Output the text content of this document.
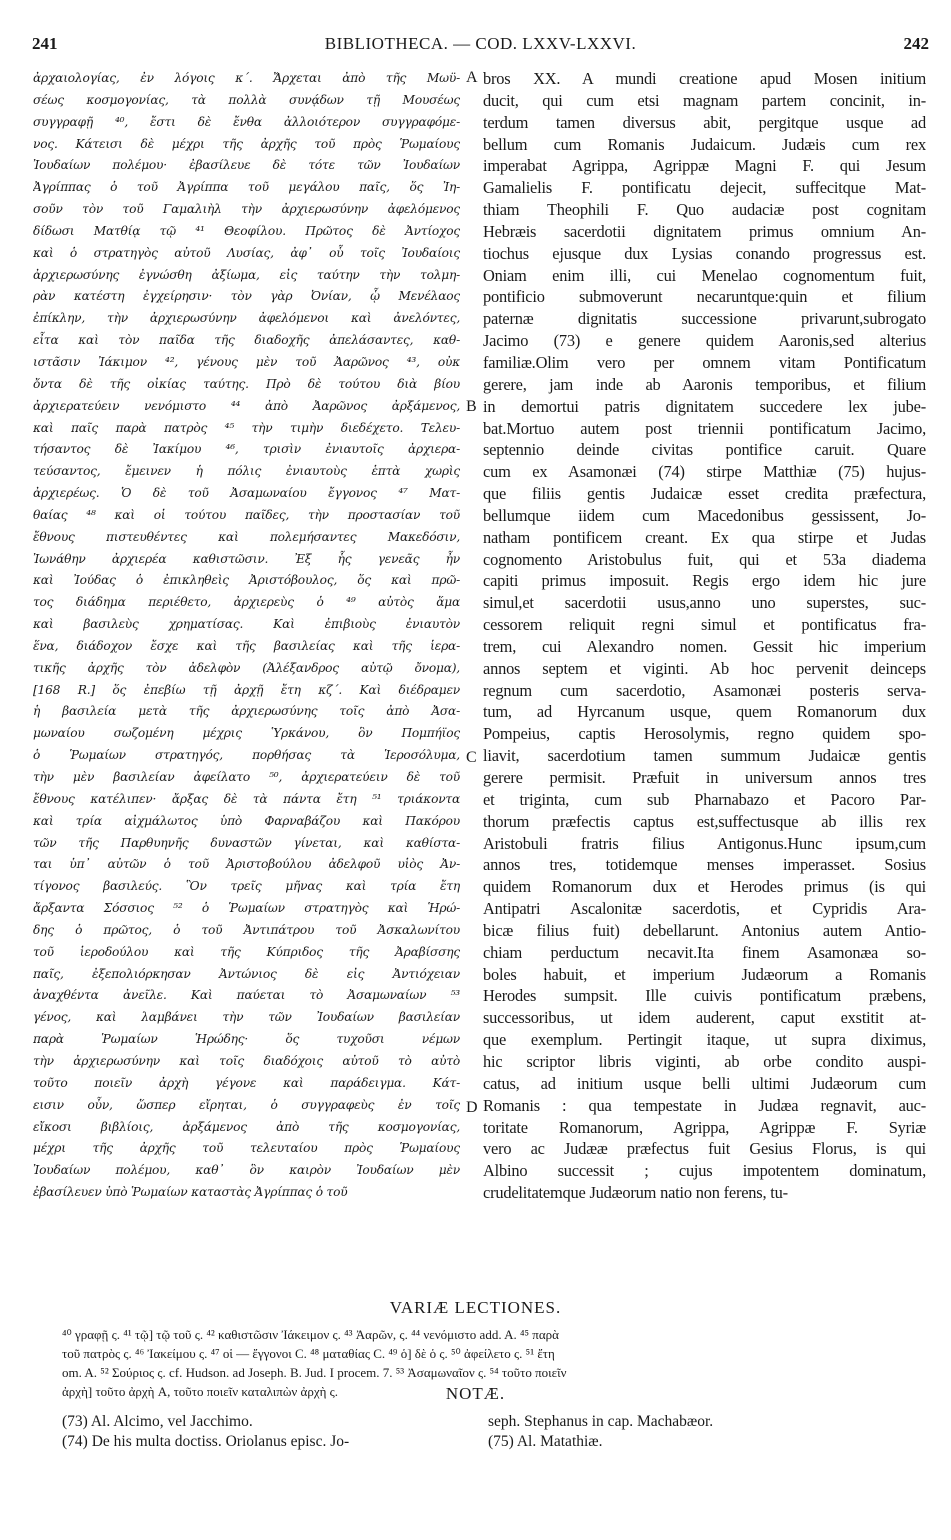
241	BIBLIOTHECA. — COD. LXXV-LXXVI.	242
ἀρχαιολογίας, ἐν λόγοις κ΄. Ἄρχεται ἀπὸ τῆς Μωϋ-
σέως κοσμογονίας, τὰ πολλὰ συνᾴδων τῇ Μουσέως
συγγραφῇ ⁴⁰, ἔστι δὲ ἔνθα ἀλλοιότερον συγγραφόμε-
νος. Κάτεισι δὲ μέχρι τῆς ἀρχῆς τοῦ πρὸς Ῥωμαίους
Ἰουδαίων πολέμου· ἐβασίλευε δὲ τότε τῶν Ἰουδαίων
Ἀγρίππας ὁ τοῦ Ἀγρίππα τοῦ μεγάλου παῖς, ὅς Ἰη-
σοῦν τὸν τοῦ Γαμαλιὴλ τὴν ἀρχιερωσύνην ἀφελόμενος
δίδωσι Ματθίᾳ τῷ ⁴¹ Θεοφίλου. Πρῶτος δὲ Ἀντίοχος
καὶ ὁ στρατηγὸς αὐτοῦ Λυσίας, ἀφ᾽ οὗ τοῖς Ἰουδαίοις
ἀρχιερωσύνης ἐγνώσθη ἀξίωμα, εἰς ταύτην τὴν τολμη-
ρὰν κατέστη ἐγχείρησιν· τὸν γὰρ Ὀνίαν, ᾧ Μενέλαος
ἐπίκλην, τὴν ἀρχιερωσύνην ἀφελόμενοι καὶ ἀνελόντες,
εἶτα καὶ τὸν παῖδα τῆς διαδοχῆς ἀπελάσαντες, καθ-
ιστᾶσιν Ἰάκιμον ⁴², γένους μὲν τοῦ Ἀαρῶνος ⁴³, οὐκ
ὄντα δὲ τῆς οἰκίας ταύτης. Πρὸ δὲ τούτου διὰ βίου
ἀρχιερατεύειν νενόμιστο ⁴⁴ ἀπὸ Ἀαρῶνος ἀρξάμενος,
καὶ παῖς παρὰ πατρὸς ⁴⁵ τὴν τιμὴν διεδέχετο. Τελευ-
τήσαντος δὲ Ἰακίμου ⁴⁶, τρισὶν ἐνιαυτοῖς ἀρχιερα-
τεύσαντος, ἔμεινεν ἡ πόλις ἐνιαυτοὺς ἑπτὰ χωρὶς
ἀρχιερέως. Ὁ δὲ τοῦ Ἀσαμωναίου ἔγγονος ⁴⁷ Ματ-
θαίας ⁴⁸ καὶ οἱ τούτου παῖδες, τὴν προστασίαν τοῦ
ἔθνους πιστευθέντες καὶ πολεμήσαντες Μακεδόσιν,
Ἰωνάθην ἀρχιερέα καθιστῶσιν. Ἐξ ἧς γενεᾶς ἦν
καὶ Ἰούδας ὁ ἐπικληθεὶς Ἀριστόβουλος, ὅς καὶ πρῶ-
τος διάδημα περιέθετο, ἀρχιερεὺς ὁ ⁴⁹ αὐτὸς ἅμα
καὶ βασιλεὺς χρηματίσας. Καὶ ἐπιβιοὺς ἐνιαυτὸν
ἕνα, διάδοχον ἔσχε καὶ τῆς βασιλείας καὶ τῆς ἱερα-
τικῆς ἀρχῆς τὸν ἀδελφὸν (Ἀλέξανδρος αὐτῷ ὄνομα),
[168 R.] ὅς ἐπεβίω τῇ ἀρχῇ ἔτη κζ΄. Καὶ διέδραμεν
ἡ βασιλεία μετὰ τῆς ἀρχιερωσύνης τοῖς ἀπὸ Ἀσα-
μωναίου σωζομένη μέχρις Ὑρκάνου, ὃν Πομπήϊος
ὁ Ῥωμαίων στρατηγός, πορθήσας τὰ Ἱεροσόλυμα,
τὴν μὲν βασιλείαν ἀφείλατο ⁵⁰, ἀρχιερατεύειν δὲ τοῦ
ἔθνους κατέλιπεν· ἄρξας δὲ τὰ πάντα ἔτη ⁵¹ τριάκοντα
καὶ τρία αἰχμάλωτος ὑπὸ Φαρναβάζου καὶ Πακόρου
τῶν τῆς Παρθυηνῆς δυναστῶν γίνεται, καὶ καθίστα-
ται ὑπ᾽ αὐτῶν ὁ τοῦ Ἀριστοβούλου ἀδελφοῦ υἱὸς Ἀν-
τίγονος βασιλεύς. Ὃν τρεῖς μῆνας καὶ τρία ἔτη
ἄρξαντα Σόσσιος ⁵² ὁ Ῥωμαίων στρατηγὸς καὶ Ἡρώ-
δης ὁ πρῶτος, ὁ τοῦ Ἀντιπάτρου τοῦ Ἀσκαλωνίτου
τοῦ ἱεροδούλου καὶ τῆς Κύπριδος τῆς Ἀραβίσσης
παῖς, ἐξεπολιόρκησαν Ἀντώνιος δὲ εἰς Ἀντιόχειαν
ἀναχθέντα ἀνεῖλε. Καὶ παύεται τὸ Ἀσαμωναίων ⁵³
γένος, καὶ λαμβάνει τὴν τῶν Ἰουδαίων βασιλείαν
παρὰ Ῥωμαίων Ἡρώδης· ὅς τυχοῦσι νέμων
τὴν ἀρχιερωσύνην καὶ τοῖς διαδόχοις αὐτοῦ τὸ αὐτὸ
τοῦτο ποιεῖν ἀρχὴ γέγονε καὶ παράδειγμα. Κάτ-
εισιν οὖν, ὥσπερ εἴρηται, ὁ συγγραφεὺς ἐν τοῖς
εἴκοσι βιβλίοις, ἀρξάμενος ἀπὸ τῆς κοσμογονίας,
μέχρι τῆς ἀρχῆς τοῦ τελευταίου πρὸς Ῥωμαίους
Ἰουδαίων πολέμου, καθ᾽ ὃν καιρὸν Ἰουδαίων μὲν
ἐβασίλευεν ὑπὸ Ῥωμαίων καταστὰς Ἀγρίππας ὁ τοῦ
bros XX. A mundi creatione apud Mosen initium
ducit, qui cum etsi magnam partem concinit, in-
terdum tamen diversus abit, pergitque usque ad
bellum cum Romanis Judaicum. Judæis cum rex
imperabat Agrippa, Agrippæ Magni F. qui Jesum
Gamalielis F. pontificatu dejecit, suffecitque Mat-
thiam Theophili F. Quo audaciæ post cognitam
Hebræis sacerdotii dignitatem primus omnium An-
tiochus ejusque dux Lysias conando progressus est.
Oniam enim illi, cui Menelao cognomentum fuit,
pontificio submoverunt necaruntque:quin et filium
paternæ dignitatis successione privarunt,subrogato
Jacimo (73) e genere quidem Aaronis,sed alterius
familiæ.Olim vero per omnem vitam Pontificatum
gerere, jam inde ab Aaronis temporibus, et filium
in demortui patris dignitatem succedere lex jube-
bat.Mortuo autem post triennii pontificatum Jacimo,
septennio deinde civitas pontifice caruit. Quare
cum ex Asamonæi (74) stirpe Matthiæ (75) hujus-
que filiis gentis Judaicæ esset credita præfectura,
bellumque iidem cum Macedonibus gessissent, Jo-
natham pontificem creant. Ex qua stirpe et Judas
cognomento Aristobulus fuit, qui et 53a diadema
capiti primus imposuit. Regis ergo idem hic jure
simul,et sacerdotii usus,anno uno superstes, suc-
cessorem reliquit regni simul et pontificatus fra-
trem, cui Alexandro nomen. Gessit hic imperium
annos septem et viginti. Ab hoc pervenit deinceps
regnum cum sacerdotio, Asamonæi posteris serva-
tum, ad Hyrcanum usque, quem Romanorum dux
Pompeius, captis Herosolymis, regno quidem spo-
liavit, sacerdotium tamen summum Judaicæ gentis
gerere permisit. Præfuit in universum annos tres
et triginta, cum sub Pharnabazo et Pacoro Par-
thorum præfectis captus est,suffectusque ab illis rex
Aristobuli fratris filius Antigonus.Hunc ipsum,cum
annos tres, totidemque menses imperasset. Sosius
quidem Romanorum dux et Herodes primus (is qui
Antipatri Ascalonitæ sacerdotis, et Cypridis Ara-
bicæ filius fuit) debellarunt. Antonius autem Antio-
chiam perductum necavit.Ita finem Asamonæa so-
boles habuit, et imperium Judæorum a Romanis
Herodes sumpsit. Ille cuivis pontificatum præbens,
successoribus, ut idem auderent, caput exstitit at-
que exemplum. Pertingit itaque, ut supra diximus,
hic scriptor libris viginti, ab orbe condito auspi-
catus, ad initium usque belli ultimi Judæorum cum
Romanis : qua tempestate in Judæa regnavit, auc-
toritate Romanorum, Agrippa, Agrippæ F. Syriæ
vero ac Judææ præfectus fuit Gesius Florus, is qui
Albino successit ; cujus impotentem dominatum,
crudelitatemque Judæorum natio non ferens, tu-
A
B
C
D
VARIÆ LECTIONES.
⁴⁰ γραφῇ ς. ⁴¹ τῷ] τῷ τοῦ ς. ⁴² καθιστῶσιν Ἰάκειμον ς. ⁴³ Ἀαρῶν, ς. ⁴⁴ νενόμιστο add. A. ⁴⁵ παρὰ
τοῦ πατρὸς ς. ⁴⁶ Ἰακείμου ς. ⁴⁷ οἱ — ἔγγονοι C. ⁴⁸ ματαθίας C. ⁴⁹ ὁ] δὲ ὁ ς. ⁵⁰ ἀφείλετο ς. ⁵¹ ἔτη
om. A. ⁵² Σούριος ς. cf. Hudson. ad Joseph. B. Jud. I procem. 7. ⁵³ Ἀσαμωναῖον ς. ⁵⁴ τοῦτο ποιεῖν
ἀρχὴ] τοῦτο ἀρχὴ A, τοῦτο ποιεῖν καταλιπὼν ἀρχὴ ς.	NOTÆ.
(73) Al. Alcimo, vel Jacchimo.
(74) De his multa doctiss. Oriolanus episc. Jo-
seph. Stephanus in cap. Machabæor.
(75) Al. Matathiæ.
